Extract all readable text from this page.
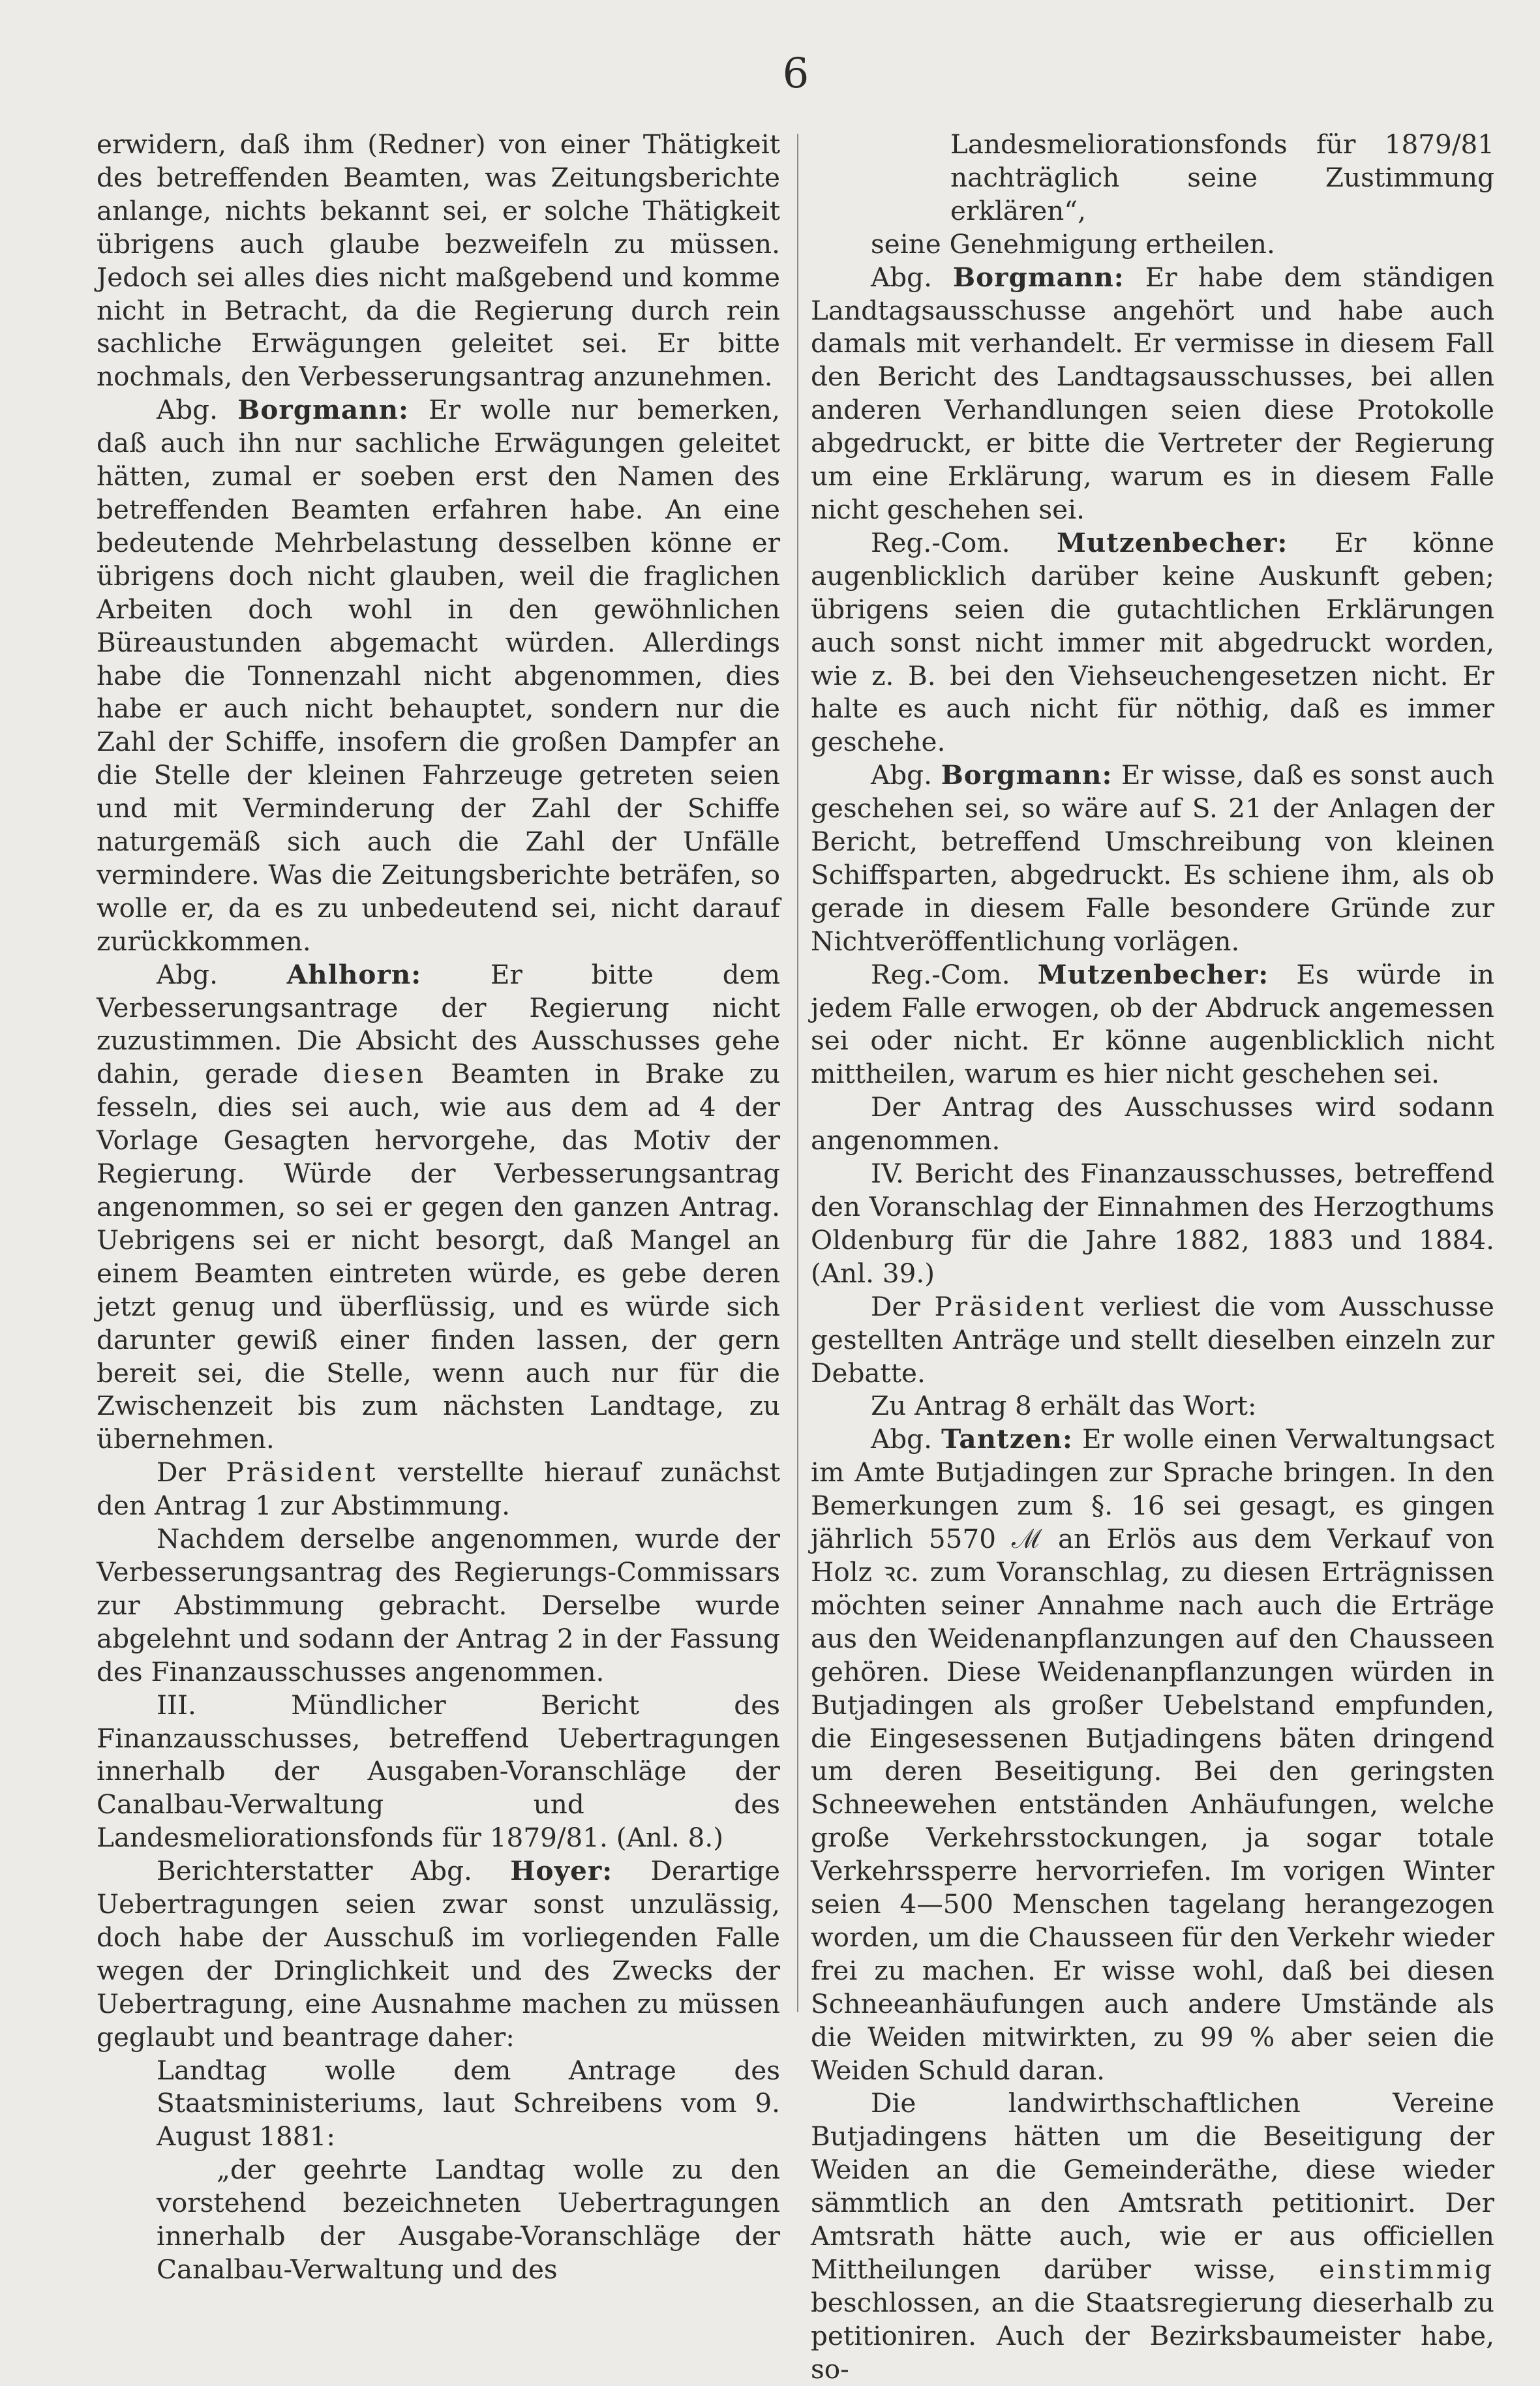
6

erwidern, daß ihm (Redner) von einer Thätigkeit des betreffenden Beamten, was Zeitungsberichte anlange, nichts bekannt sei, er solche Thätigkeit übrigens auch glaube bezweifeln zu müssen. Jedoch sei alles dies nicht maßgebend und komme nicht in Betracht, da die Regierung durch rein sachliche Erwägungen geleitet sei. Er bitte nochmals, den Verbesserungsantrag anzunehmen.

Abg. Borgmann: Er wolle nur bemerken, daß auch ihn nur sachliche Erwägungen geleitet hätten, zumal er soeben erst den Namen des betreffenden Beamten erfahren habe. An eine bedeutende Mehrbelastung desselben könne er übrigens doch nicht glauben, weil die fraglichen Arbeiten doch wohl in den gewöhnlichen Büreaustunden abgemacht würden. Allerdings habe die Tonnenzahl nicht abgenommen, dies habe er auch nicht behauptet, sondern nur die Zahl der Schiffe, insofern die großen Dampfer an die Stelle der kleinen Fahrzeuge getreten seien und mit Verminderung der Zahl der Schiffe naturgemäß sich auch die Zahl der Unfälle vermindere. Was die Zeitungsberichte beträfen, so wolle er, da es zu unbedeutend sei, nicht darauf zurückkommen.

Abg.	Ahlhorn: Er bitte dem Verbesserungsantrage der Regierung nicht zuzustimmen. Die Absicht des Ausschusses gehe dahin, gerade diesen Beamten in Brake zu fesseln, dies sei auch, wie aus dem ad 4 der Vorlage Gesagten hervorgehe, das Motiv der Regierung. Würde der Verbesserungsantrag angenommen, so sei er gegen den ganzen Antrag. Uebrigens sei er nicht besorgt, daß Mangel an einem Beamten eintreten würde, es gebe deren jetzt genug und überflüssig, und es würde sich darunter gewiß einer finden lassen, der gern bereit sei, die Stelle, wenn auch nur für die Zwischenzeit bis zum nächsten Landtage, zu übernehmen.

Der Präsident verstellte hierauf zunächst den Antrag 1 zur Abstimmung.

Nachdem derselbe angenommen, wurde der Verbesserungsantrag des Regierungs-Commissars zur Abstimmung gebracht. Derselbe wurde abgelehnt und sodann der Antrag 2 in der Fassung des Finanzausschusses angenommen.

III. Mündlicher Bericht des Finanzausschusses, betreffend Uebertragungen innerhalb der Ausgaben-Voranschläge der Canalbau-Verwaltung und des Landesmeliorationsfonds für 1879/81. (Anl. 8.)

Berichterstatter Abg. Hoyer: Derartige Uebertragungen seien zwar sonst unzulässig, doch habe der Ausschuß im vorliegenden Falle wegen der Dringlichkeit und des Zwecks der Uebertragung, eine Ausnahme machen zu müssen geglaubt und beantrage daher:

Landtag wolle dem Antrage des Staatsministeriums, laut Schreibens vom 9. August 1881:

„der geehrte Landtag wolle zu den vorstehend bezeichneten Uebertragungen innerhalb der Ausgabe-Voranschläge der Canalbau-Verwaltung und des

Landesmeliorationsfonds für 1879/81 nachträglich seine Zustimmung erklären“,

seine Genehmigung ertheilen.

Abg. Borgmann: Er habe dem ständigen Landtagsausschusse angehört und habe auch damals mit verhandelt. Er vermisse in diesem Fall den Bericht des Landtagsausschusses, bei allen anderen Verhandlungen seien diese Protokolle abgedruckt, er bitte die Vertreter der Regierung um eine Erklärung, warum es in diesem Falle nicht geschehen sei.

Reg.-Com. Mutzenbecher: Er könne augenblicklich darüber keine Auskunft geben; übrigens seien die gutachtlichen Erklärungen auch sonst nicht immer mit abgedruckt worden, wie z. B. bei den Viehseuchengesetzen nicht. Er halte es auch nicht für nöthig, daß es immer geschehe.

Abg. Borgmann: Er wisse, daß es sonst auch geschehen sei, so wäre auf S. 21 der Anlagen der Bericht, betreffend Umschreibung von kleinen Schiffsparten, abgedruckt. Es schiene ihm, als ob gerade in diesem Falle besondere Gründe zur Nichtveröffentlichung vorlägen.

Reg.-Com. Mutzenbecher: Es würde in jedem Falle erwogen, ob der Abdruck angemessen sei oder nicht. Er könne augenblicklich nicht mittheilen, warum es hier nicht geschehen sei.

Der Antrag des Ausschusses wird sodann angenommen.

IV. Bericht des Finanzausschusses, betreffend den Voranschlag der Einnahmen des Herzogthums Oldenburg für die Jahre 1882, 1883 und 1884. (Anl. 39.)

Der Präsident verliest die vom Ausschusse gestellten Anträge und stellt dieselben einzeln zur Debatte.

Zu Antrag 8 erhält das Wort:

Abg. Tantzen: Er wolle einen Verwaltungsact im Amte Butjadingen zur Sprache bringen. In den Bemerkungen zum §. 16 sei gesagt, es gingen jährlich 5570 ℳ an Erlös aus dem Verkauf von Holz ꝛc. zum Voranschlag, zu diesen Erträgnissen möchten seiner Annahme nach auch die Erträge aus den Weidenanpflanzungen auf den Chausseen gehören. Diese Weidenanpflanzungen würden in Butjadingen als großer Uebelstand empfunden, die Eingesessenen Butjadingens bäten dringend um deren Beseitigung. Bei den geringsten Schneewehen entständen Anhäufungen, welche große Verkehrsstockungen, ja sogar totale Verkehrssperre hervorriefen. Im vorigen Winter seien 4—500 Menschen tagelang herangezogen worden, um die Chausseen für den Verkehr wieder frei zu machen. Er wisse wohl, daß bei diesen Schneeanhäufungen auch andere Umstände als die Weiden mitwirkten, zu 99 % aber seien die Weiden Schuld daran.

Die landwirthschaftlichen Vereine Butjadingens hätten um die Beseitigung der Weiden an die Gemeinderäthe, diese wieder sämmtlich an den Amtsrath petitionirt. Der Amtsrath hätte auch, wie er aus officiellen Mittheilungen darüber wisse, einstimmig beschlossen, an die Staatsregierung dieserhalb zu petitioniren. Auch der Bezirksbaumeister habe, so-
